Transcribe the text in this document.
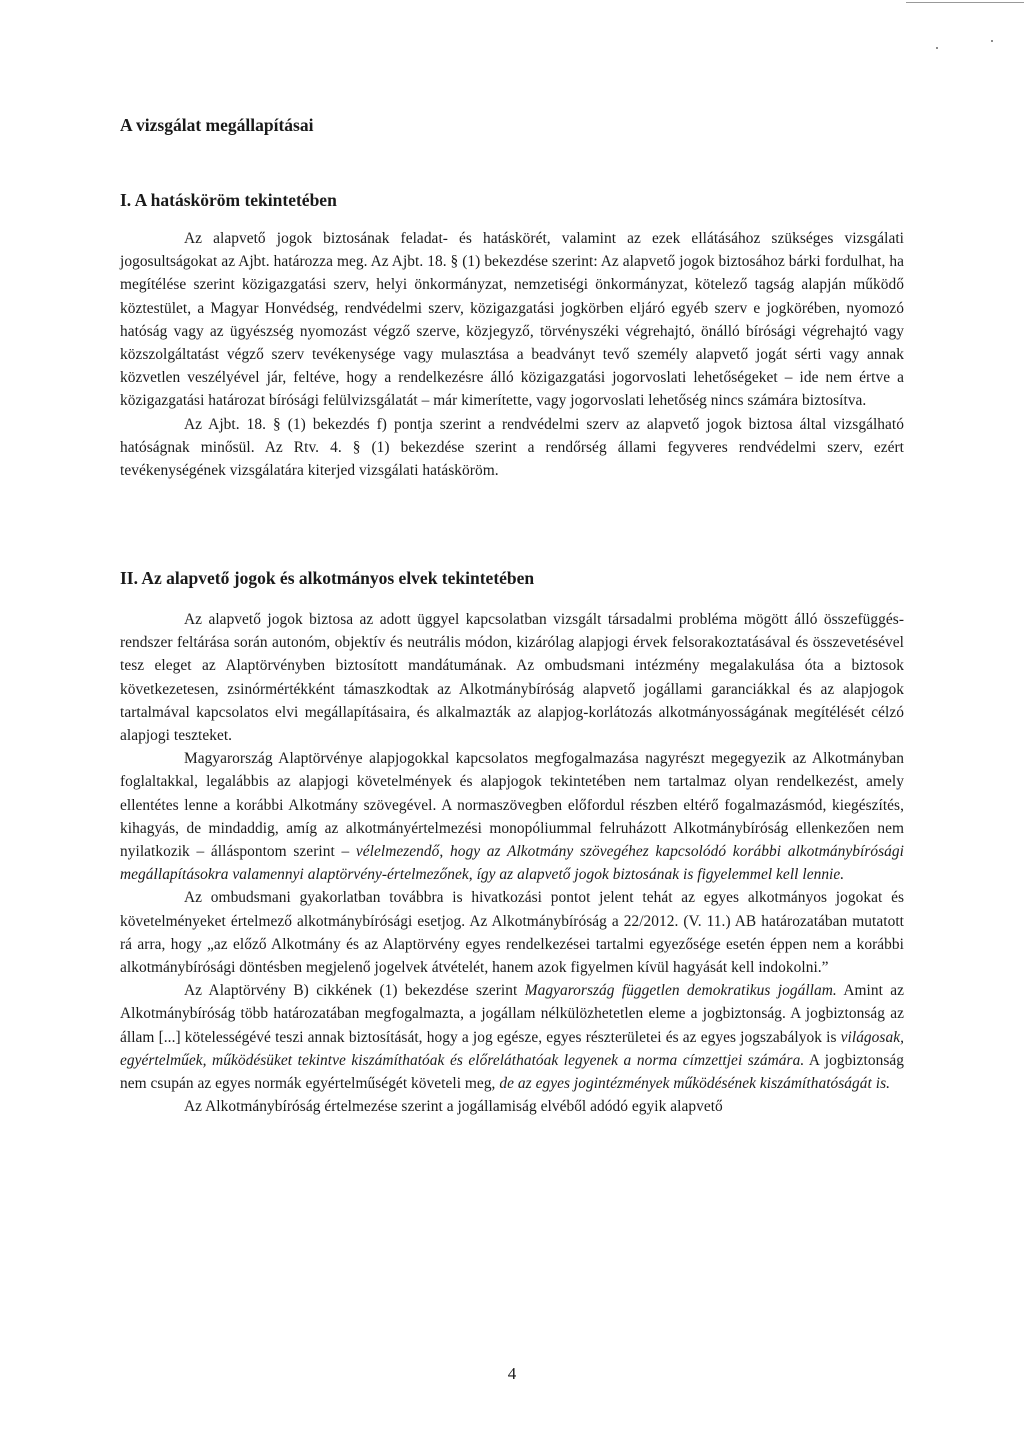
A vizsgálat megállapításai
I. A hatásköröm tekintetében

Az alapvető jogok biztosának feladat- és hatáskörét, valamint az ezek ellátásához szükséges vizsgálati jogosultságokat az Ajbt. határozza meg. Az Ajbt. 18. § (1) bekezdése szerint: Az alapvető jogok biztosához bárki fordulhat, ha megítélése szerint közigazgatási szerv, helyi önkormányzat, nemzetiségi önkormányzat, kötelező tagság alapján működő köztestület, a Magyar Honvédség, rendvédelmi szerv, közigazgatási jogkörben eljáró egyéb szerv e jogkörében, nyomozó hatóság vagy az ügyészség nyomozást végző szerve, közjegyző, törvényszéki végrehajtó, önálló bírósági végrehajtó vagy közszolgáltatást végző szerv tevékenysége vagy mulasztása a beadványt tevő személy alapvető jogát sérti vagy annak közvetlen veszélyével jár, feltéve, hogy a rendelkezésre álló közigazgatási jogorvoslati lehetőségeket – ide nem értve a közigazgatási határozat bírósági felülvizsgálatát – már kimerítette, vagy jogorvoslati lehetőség nincs számára biztosítva.

Az Ajbt. 18. § (1) bekezdés f) pontja szerint a rendvédelmi szerv az alapvető jogok biztosa által vizsgálható hatóságnak minősül. Az Rtv. 4. § (1) bekezdése szerint a rendőrség állami fegyveres rendvédelmi szerv, ezért tevékenységének vizsgálatára kiterjed vizsgálati hatásköröm.

II. Az alapvető jogok és alkotmányos elvek tekintetében

Az alapvető jogok biztosa az adott üggyel kapcsolatban vizsgált társadalmi probléma mögött álló összefüggés-rendszer feltárása során autonóm, objektív és neutrális módon, kizárólag alapjogi érvek felsorakoztatásával és összevetésével tesz eleget az Alaptörvényben biztosított mandátumának. Az ombudsmani intézmény megalakulása óta a biztosok következetesen, zsinórmértékként támaszkodtak az Alkotmánybíróság alapvető jogállami garanciákkal és az alapjogok tartalmával kapcsolatos elvi megállapításaira, és alkalmazták az alapjog-korlátozás alkotmányosságának megítélését célzó alapjogi teszteket.

Magyarország Alaptörvénye alapjogokkal kapcsolatos megfogalmazása nagyrészt megegyezik az Alkotmányban foglaltakkal, legalábbis az alapjogi követelmények és alapjogok tekintetében nem tartalmaz olyan rendelkezést, amely ellentétes lenne a korábbi Alkotmány szövegével. A normaszövegben előfordul részben eltérő fogalmazásmód, kiegészítés, kihagyás, de mindaddig, amíg az alkotmányértelmezési monopóliummal felruházott Alkotmánybíróság ellenkezően nem nyilatkozik – álláspontom szerint – vélelmezendő, hogy az Alkotmány szövegéhez kapcsolódó korábbi alkotmánybírósági megállapításokra valamennyi alaptörvény-értelmezőnek, így az alapvető jogok biztosának is figyelemmel kell lennie.

Az ombudsmani gyakorlatban továbbra is hivatkozási pontot jelent tehát az egyes alkotmányos jogokat és követelményeket értelmező alkotmánybírósági esetjog. Az Alkotmánybíróság a 22/2012. (V. 11.) AB határozatában mutatott rá arra, hogy „az előző Alkotmány és az Alaptörvény egyes rendelkezései tartalmi egyezősége esetén éppen nem a korábbi alkotmánybírósági döntésben megjelenő jogelvek átvételét, hanem azok figyelmen kívül hagyását kell indokolni.”

Az Alaptörvény B) cikkének (1) bekezdése szerint Magyarország független demokratikus jogállam. Amint az Alkotmánybíróság több határozatában megfogalmazta, a jogállam nélkülözhetetlen eleme a jogbiztonság. A jogbiztonság az állam [...] kötelességévé teszi annak biztosítását, hogy a jog egésze, egyes részterületei és az egyes jogszabályok is világosak, egyértelműek, működésüket tekintve kiszámíthatóak és előreláthatóak legyenek a norma címzettjei számára. A jogbiztonság nem csupán az egyes normák egyértelműségét követeli meg, de az egyes jogintézmények működésének kiszámíthatóságát is.

Az Alkotmánybíróság értelmezése szerint a jogállamiság elvéből adódó egyik alapvető

4
